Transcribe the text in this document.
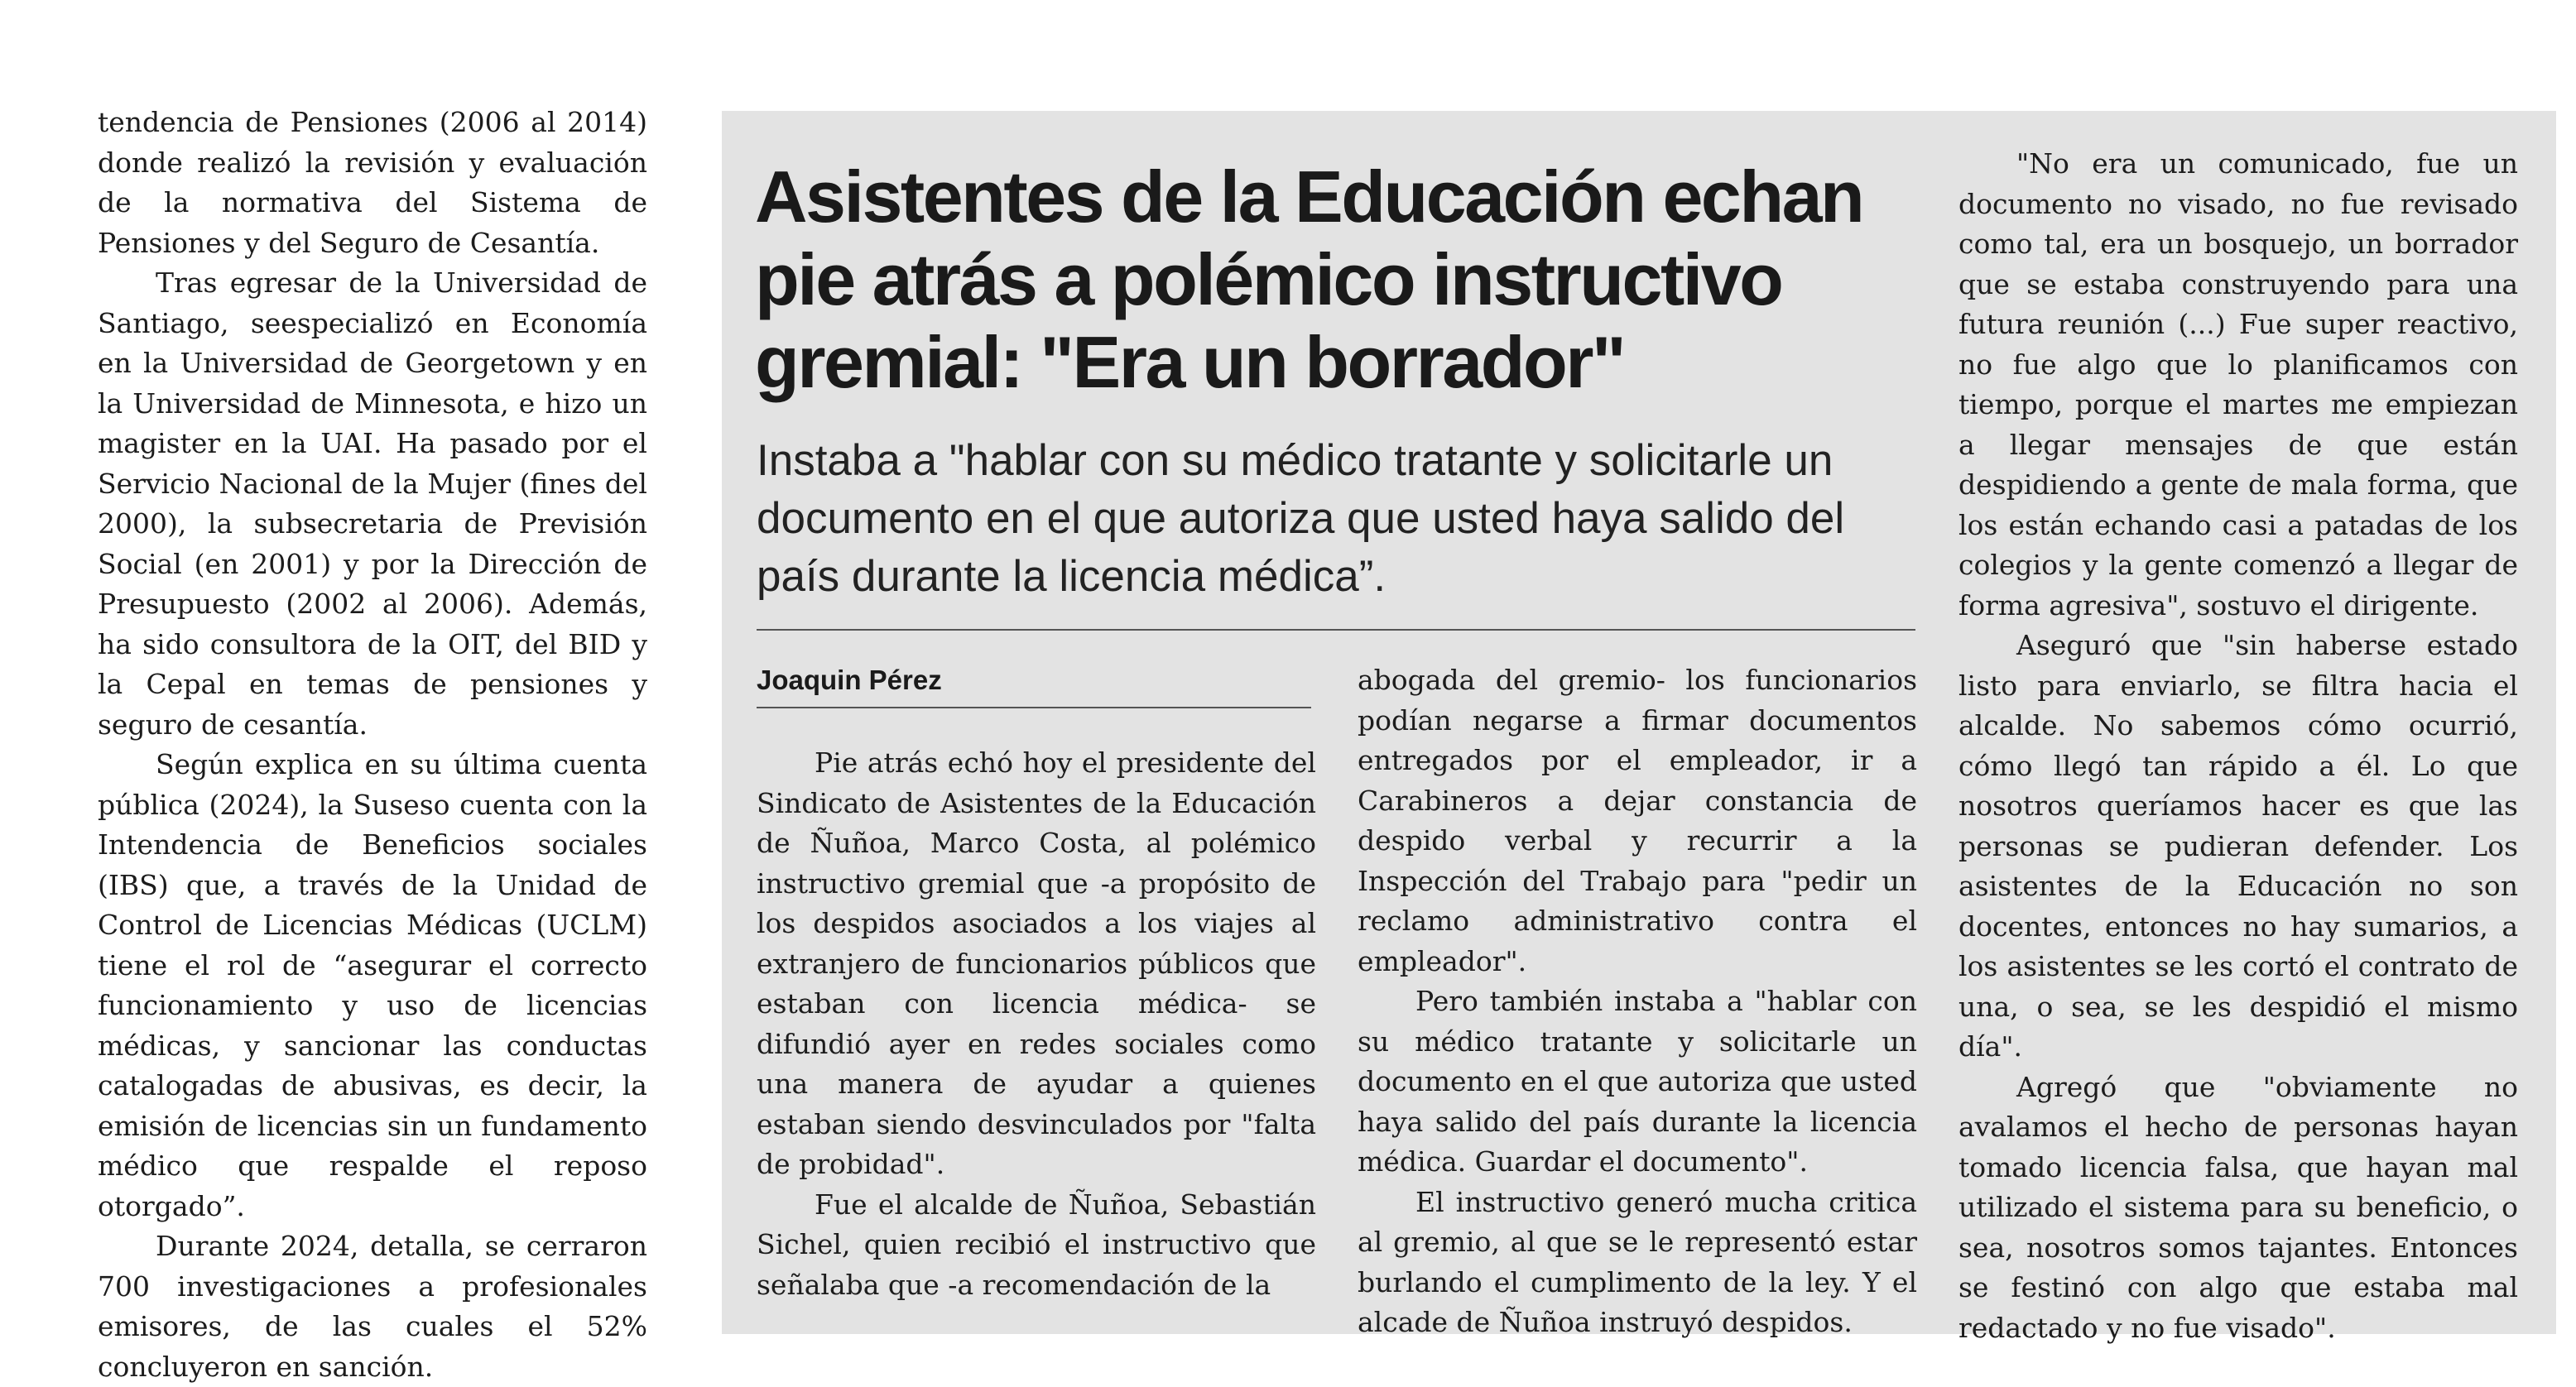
tendencia de Pensiones (2006 al 2014) donde realizó la revisión y evaluación de la normativa del Sistema de Pensiones y del Seguro de Cesantía.

Tras egresar de la Universidad de Santiago, seespecializó en Economía en la Universidad de Georgetown y en la Universidad de Minnesota, e hizo un magister en la UAI. Ha pasado por el Servicio Nacional de la Mujer (fines del 2000), la subsecretaria de Previsión Social (en 2001) y por la Dirección de Presupuesto (2002 al 2006). Además, ha sido consultora de la OIT, del BID y la Cepal en temas de pensiones y seguro de cesantía.

Según explica en su última cuenta pública (2024), la Suseso cuenta con la Intendencia de Beneficios sociales (IBS) que, a través de la Unidad de Control de Licencias Médicas (UCLM) tiene el rol de “asegurar el correcto funcionamiento y uso de licencias médicas, y sancionar las conductas catalogadas de abusivas, es decir, la emisión de licencias sin un fundamento médico que respalde el reposo otorgado”.

Durante 2024, detalla, se cerraron 700 investigaciones a profesionales emisores, de las cuales el 52% concluyeron en sanción.

Asistentes de la Educación echan pie atrás a polémico instructivo gremial: "Era un borrador"

Instaba a "hablar con su médico tratante y solicitarle un documento en el que autoriza que usted haya salido del país durante la licencia médica”.

Joaquin Pérez

Pie atrás echó hoy el presidente del Sindicato de Asistentes de la Educación de Ñuñoa, Marco Costa, al polémico instructivo gremial que -a propósito de los despidos asociados a los viajes al extranjero de funcionarios públicos que estaban con licencia médica- se difundió ayer en redes sociales como una manera de ayudar a quienes estaban siendo desvinculados por "falta de probidad".

Fue el alcalde de Ñuñoa, Sebastián Sichel, quien recibió el instructivo que señalaba que -a recomendación de la

abogada del gremio- los funcionarios podían negarse a firmar documentos entregados por el empleador, ir a Carabineros a dejar constancia de despido verbal y recurrir a la Inspección del Trabajo para "pedir un reclamo administrativo contra el empleador".

Pero también instaba a "hablar con su médico tratante y solicitarle un documento en el que autoriza que usted haya salido del país durante la licencia médica. Guardar el documento".

El instructivo generó mucha critica al gremio, al que se le representó estar burlando el cumplimento de la ley. Y el alcade de Ñuñoa instruyó despidos.

"No era un comunicado, fue un documento no visado, no fue revisado como tal, era un bosquejo, un borrador que se estaba construyendo para una futura reunión (...) Fue super reactivo, no fue algo que lo planificamos con tiempo, porque el martes me empiezan a llegar mensajes de que están despidiendo a gente de mala forma, que los están echando casi a patadas de los colegios y la gente comenzó a llegar de forma agresiva", sostuvo el dirigente.

Aseguró que "sin haberse estado listo para enviarlo, se filtra hacia el alcalde. No sabemos cómo ocurrió, cómo llegó tan rápido a él. Lo que nosotros queríamos hacer es que las personas se pudieran defender. Los asistentes de la Educación no son docentes, entonces no hay sumarios, a los asistentes se les cortó el contrato de una, o sea, se les despidió el mismo día".

Agregó que "obviamente no avalamos el hecho de personas hayan tomado licencia falsa, que hayan mal utilizado el sistema para su beneficio, o sea, nosotros somos tajantes. Entonces se festinó con algo que estaba mal redactado y no fue visado".
